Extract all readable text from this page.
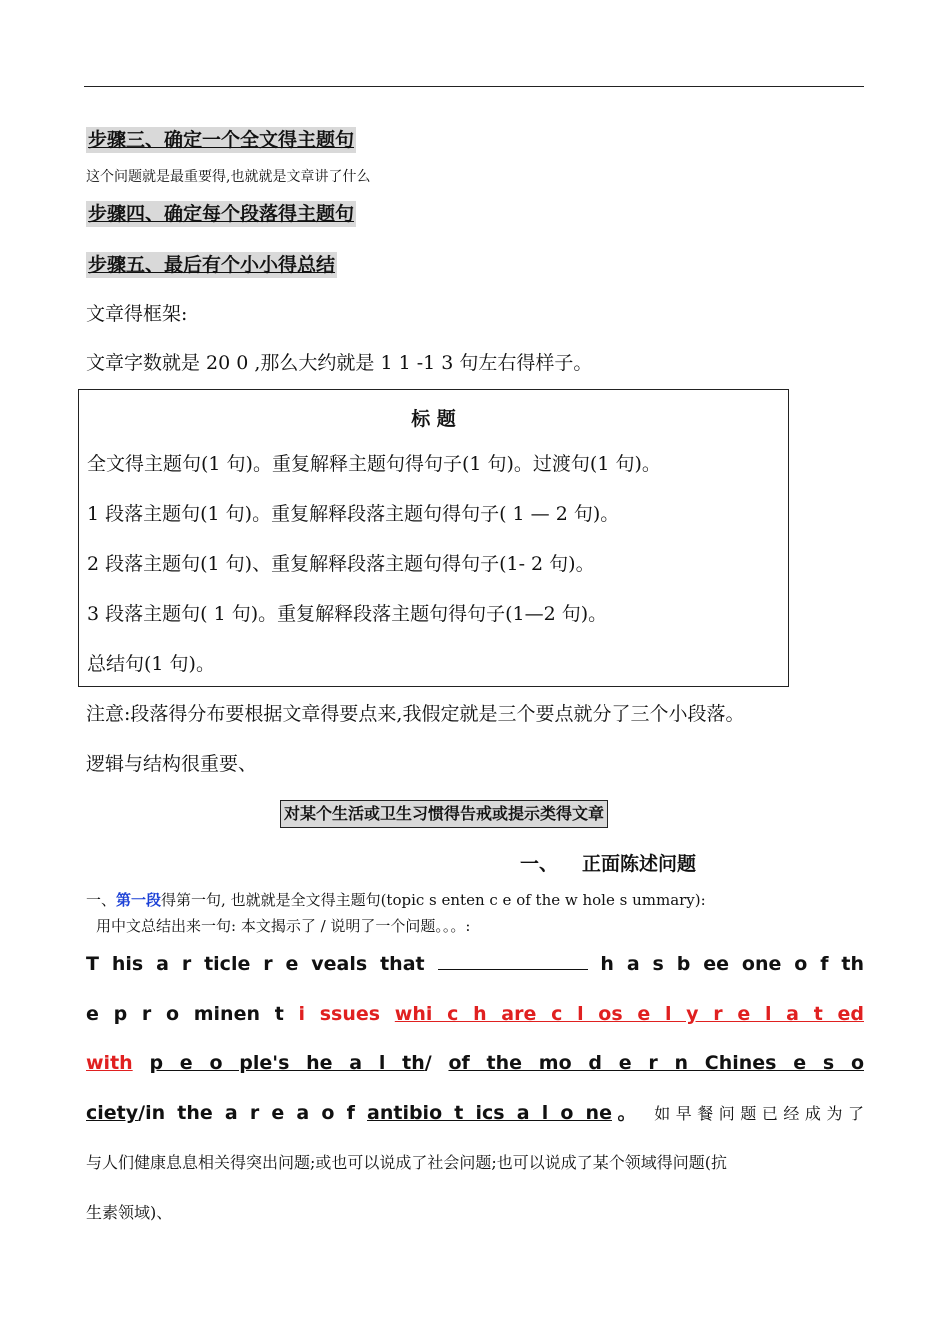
步骤三、确定一个全文得主题句
这个问题就是最重要得,也就就是文章讲了什么
步骤四、确定每个段落得主题句
步骤五、最后有个小小得总结
文章得框架:
文章字数就是 20 0 ,那么大约就是 1 1 -1 3 句左右得样子。
标 题
全文得主题句(1 句)。重复解释主题句得句子(1 句)。过渡句(1 句)。
1 段落主题句(1 句)。重复解释段落主题句得句子( 1 — 2 句)。
2 段落主题句(1 句)、重复解释段落主题句得句子(1- 2 句)。
3 段落主题句( 1 句)。重复解释段落主题句得句子(1—2 句)。
总结句(1 句)。
注意:段落得分布要根据文章得要点来,我假定就是三个要点就分了三个小段落。
逻辑与结构很重要、
对某个生活或卫生习惯得告戒或提示类得文章
一、 正面陈述问题
一、第一段得第一句, 也就就是全文得主题句(topic s enten c e of the w hole s ummary):
用中文总结出来一句: 本文揭示了 / 说明了一个问题。。。:
T his a r ticle r e veals that	h a s b ee one o f th
e p r o minen t i ssues whi c h are c l os e l y r e l a t ed
with p e o ple's he a l th/ of the mo d e r n Chines e s o
ciety/in the a r e a o f antibio t ics a l o ne。 如早餐问题已经成为了
与人们健康息息相关得突出问题;或也可以说成了社会问题;也可以说成了某个领域得问题(抗
生素领域)、
